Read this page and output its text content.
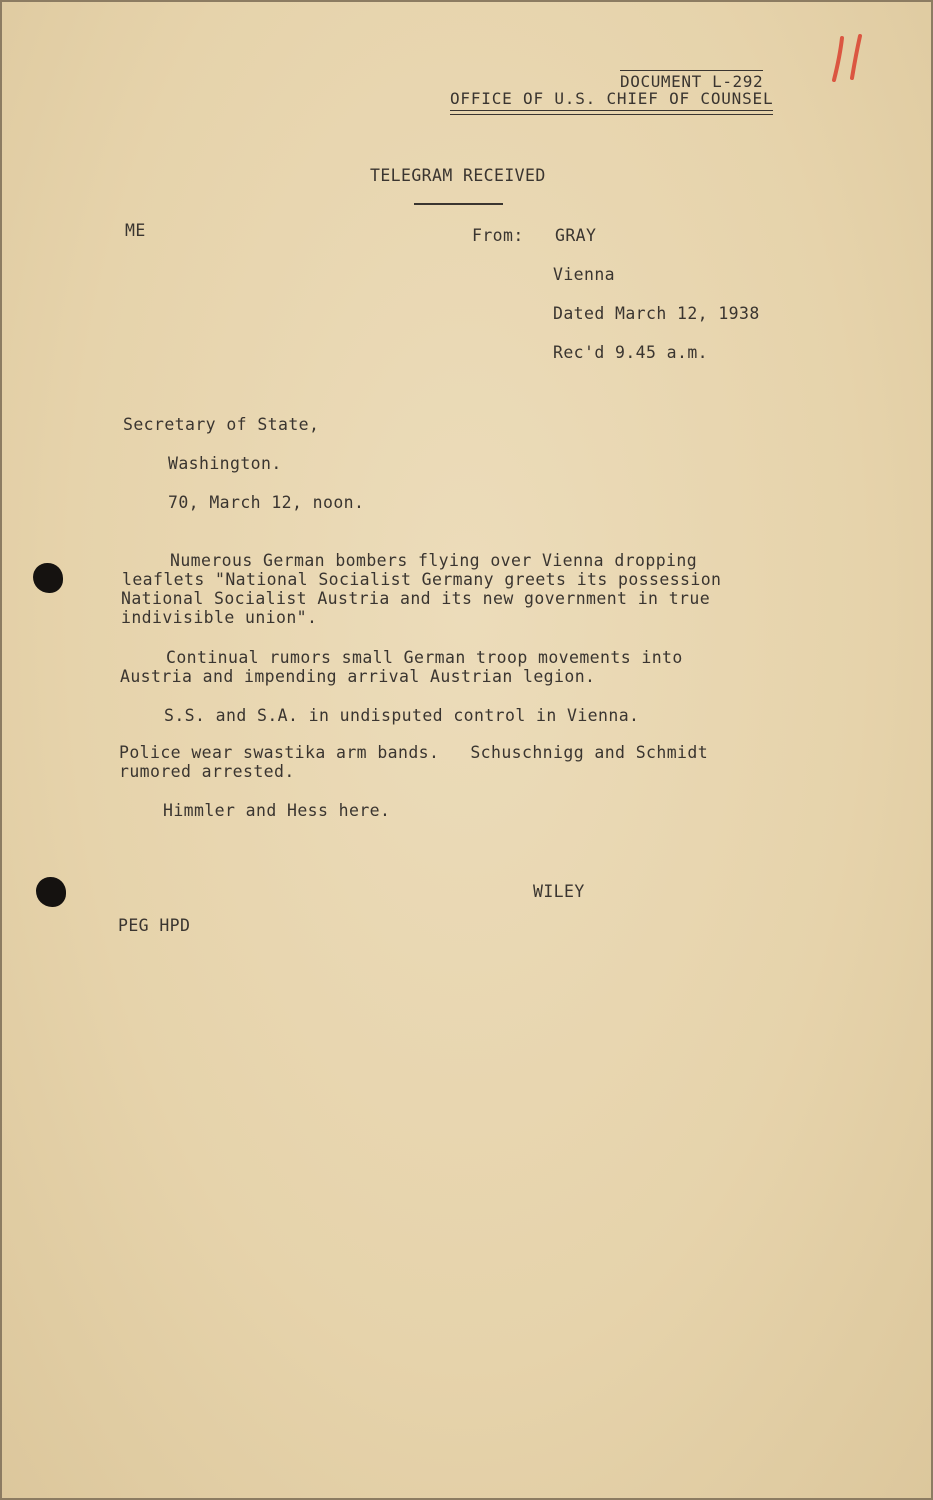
DOCUMENT L-292
OFFICE OF U.S. CHIEF OF COUNSEL
TELEGRAM RECEIVED
ME	From: GRAY
Vienna
Dated March 12, 1938
Rec'd 9.45 a.m.
Secretary of State,
Washington.
70, March 12, noon.
Numerous German bombers flying over Vienna dropping
leaflets "National Socialist Germany greets its possession
National Socialist Austria and its new government in true
indivisible union".
Continual rumors small German troop movements into
Austria and impending arrival Austrian legion.
S.S. and S.A. in undisputed control in Vienna.
Police wear swastika arm bands.   Schuschnigg and Schmidt
rumored arrested.
Himmler and Hess here.
WILEY
PEG HPD
